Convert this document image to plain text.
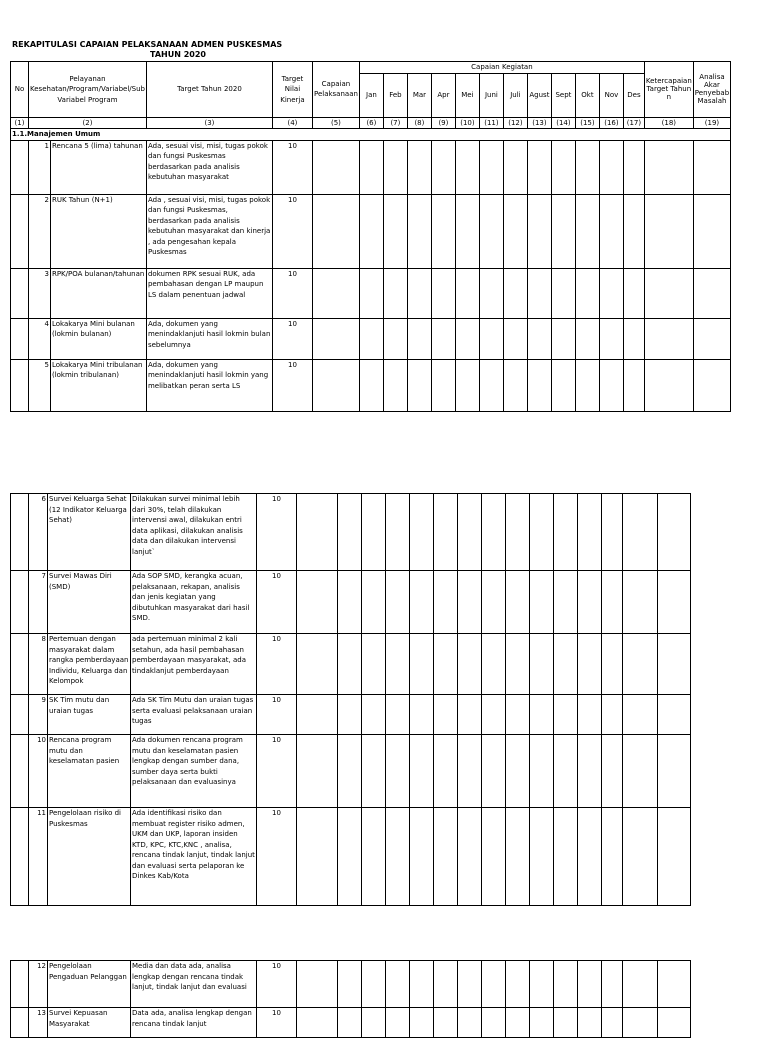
REKAPITULASI CAPAIAN PELAKSANAAN ADMEN PUSKESMAS
TAHUN 2020
No	Pelayanan Kesehatan/Program/Variabel/Sub Variabel Program		Target Tahun 2020	Target Nilai Kinerja	Capaian Pelaksanaan	Capaian Kegiatan												Ketercapaian Target Tahun n	Analisa Akar Penyebab Masalah
						Jan	Feb	Mar	Apr	Mei	Juni	Juli	Agust	Sept	Okt	Nov	Des		
(1)	(2)		(3)	(4)	(5)	(6)	(7)	(8)	(9)	(10)	(11)	(12)	(13)	(14)	(15)	(16)	(17)	(18)	(19)
1.1.Manajemen Umum																			
	1	Rencana 5 (lima) tahunan	Ada, sesuai visi, misi, tugas pokok dan fungsi Puskesmas berdasarkan pada analisis kebutuhan masyarakat	10															
	2	RUK Tahun (N+1)	Ada , sesuai visi, misi, tugas pokok dan fungsi Puskesmas, berdasarkan pada analisis kebutuhan masyarakat dan kinerja , ada pengesahan kepala Puskesmas	10															
	3	RPK/POA bulanan/tahunan	dokumen RPK sesuai RUK, ada pembahasan dengan LP maupun LS dalam penentuan jadwal	10															
	4	Lokakarya Mini bulanan (lokmin bulanan)	Ada, dokumen yang menindaklanjuti hasil lokmin bulan sebelumnya	10															
	5	Lokakarya Mini tribulanan (lokmin tribulanan)	Ada, dokumen yang menindaklanjuti hasil lokmin yang melibatkan peran serta LS	10															
	6	Survei Keluarga Sehat (12 Indikator Keluarga Sehat)	Dilakukan survei minimal lebih dari 30%, telah dilakukan intervensi awal, dilakukan entri data aplikasi, dilakukan analisis data dan dilakukan intervensi lanjut`	10															
	7	Survei Mawas Diri (SMD)	Ada SOP SMD, kerangka acuan, pelaksanaan, rekapan, analisis dan jenis kegiatan yang dibutuhkan masyarakat dari hasil SMD.	10															
	8	Pertemuan dengan masyarakat dalam rangka pemberdayaan Individu, Keluarga dan Kelompok	ada pertemuan minimal 2 kali setahun, ada hasil pembahasan pemberdayaan masyarakat, ada tindaklanjut pemberdayaan	10															
	9	SK Tim mutu dan uraian tugas	Ada SK Tim Mutu dan uraian tugas serta evaluasi pelaksanaan uraian tugas	10															
	10	Rencana program mutu dan keselamatan pasien	Ada dokumen rencana program mutu dan keselamatan pasien lengkap dengan sumber dana, sumber daya serta bukti pelaksanaan dan evaluasinya	10															
	11	Pengelolaan risiko di Puskesmas	Ada identifikasi risiko dan membuat register risiko admen, UKM dan UKP, laporan insiden KTD, KPC, KTC,KNC , analisa, rencana tindak lanjut, tindak lanjut dan evaluasi serta pelaporan ke Dinkes Kab/Kota	10															
	12	Pengelolaan Pengaduan Pelanggan	Media dan data ada, analisa lengkap dengan rencana tindak lanjut, tindak lanjut dan evaluasi	10															
	13	Survei Kepuasan Masyarakat	Data ada, analisa lengkap dengan rencana tindak lanjut	10															
